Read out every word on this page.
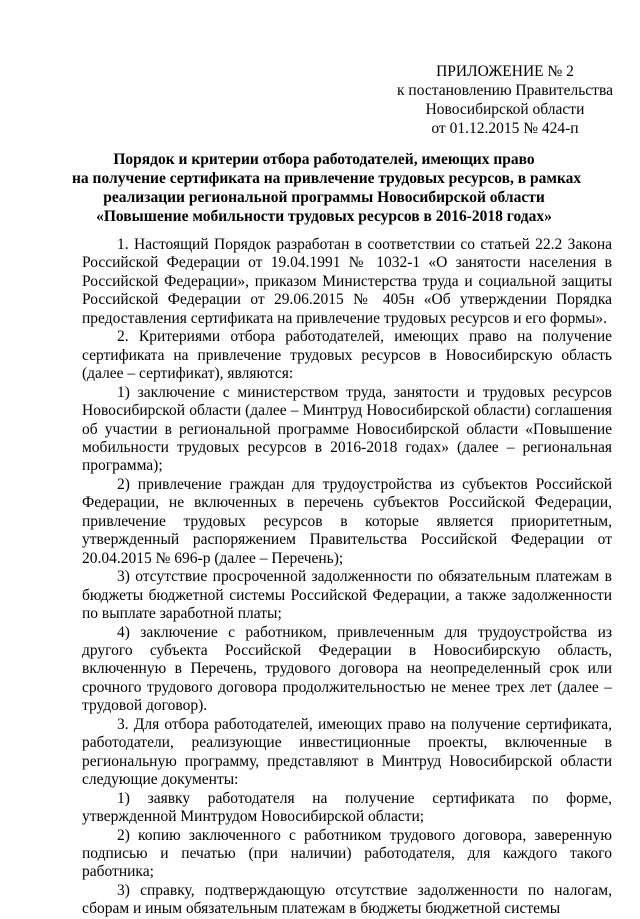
ПРИЛОЖЕНИЕ № 2
к постановлению Правительства
Новосибирской области
от 01.12.2015 № 424-п
Порядок и критерии отбора работодателей, имеющих право
на получение сертификата на привлечение трудовых ресурсов, в рамках
реализации региональной программы Новосибирской области
«Повышение мобильности трудовых ресурсов в 2016-2018 годах»

1. Настоящий Порядок разработан в соответствии со статьей 22.2 Закона Российской Федерации от 19.04.1991 № 1032-1 «О занятости населения в Российской Федерации», приказом Министерства труда и социальной защиты Российской Федерации от 29.06.2015 № 405н «Об утверждении Порядка предоставления сертификата на привлечение трудовых ресурсов и его формы».

2. Критериями отбора работодателей, имеющих право на получение сертификата на привлечение трудовых ресурсов в Новосибирскую область (далее – сертификат), являются:

1) заключение с министерством труда, занятости и трудовых ресурсов Новосибирской области (далее – Минтруд Новосибирской области) соглашения об участии в региональной программе Новосибирской области «Повышение мобильности трудовых ресурсов в 2016-2018 годах» (далее – региональная программа);

2) привлечение граждан для трудоустройства из субъектов Российской Федерации, не включенных в перечень субъектов Российской Федерации, привлечение трудовых ресурсов в которые является приоритетным, утвержденный распоряжением Правительства Российской Федерации от 20.04.2015 № 696-р (далее – Перечень);

3) отсутствие просроченной задолженности по обязательным платежам в бюджеты бюджетной системы Российской Федерации, а также задолженности по выплате заработной платы;

4) заключение с работником, привлеченным для трудоустройства из другого субъекта Российской Федерации в Новосибирскую область, включенную в Перечень, трудового договора на неопределенный срок или срочного трудового договора продолжительностью не менее трех лет (далее – трудовой договор).

3. Для отбора работодателей, имеющих право на получение сертификата, работодатели, реализующие инвестиционные проекты, включенные в региональную программу, представляют в Минтруд Новосибирской области следующие документы:

1) заявку работодателя на получение сертификата по форме, утвержденной Минтрудом Новосибирской области;

2) копию заключенного с работником трудового договора, заверенную подписью и печатью (при наличии) работодателя, для каждого такого работника;

3) справку, подтверждающую отсутствие задолженности по налогам, сборам и иным обязательным платежам в бюджеты бюджетной системы
